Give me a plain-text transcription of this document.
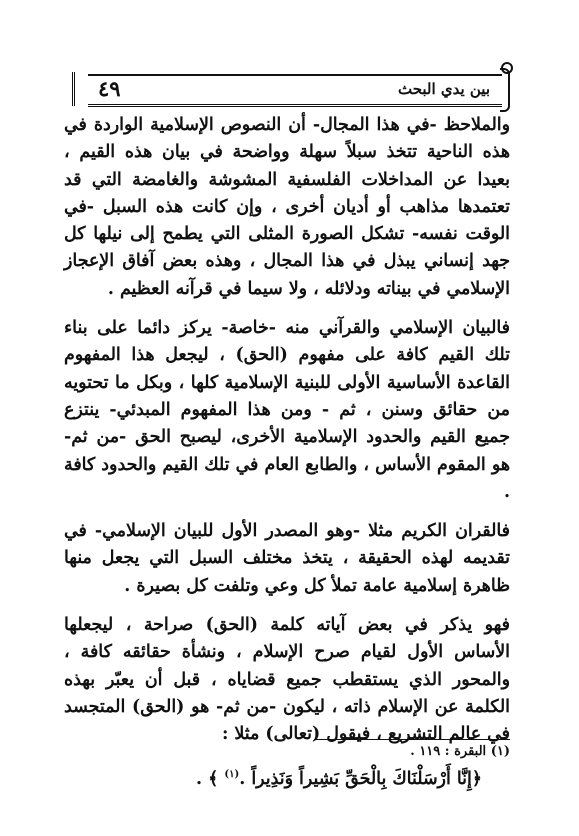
بين يدي البحث
٤٩

والملاحظ -في هذا المجال- أن النصوص الإسلامية الواردة في هذه الناحية تتخذ سبلاً سهلة وواضحة في بيان هذه القيم ، بعيدا عن المداخلات الفلسفية المشوشة والغامضة التي قد تعتمدها مذاهب أو أديان أخرى ، وإن كانت هذه السبل -في الوقت نفسه- تشكل الصورة المثلى التي يطمح إلى نيلها كل جهد إنساني يبذل في هذا المجال ، وهذه بعض آفاق الإعجاز الإسلامي في بيناته ودلائله ، ولا سيما في قرآنه العظيم .

فالبيان الإسلامي والقرآني منه -خاصة- يركز دائما على بناء تلك القيم كافة على مفهوم (الحق) ، ليجعل هذا المفهوم القاعدة الأساسية الأولى للبنية الإسلامية كلها ، وبكل ما تحتويه من حقائق وسنن ، ثم - ومن هذا المفهوم المبدئي- ينتزع جميع القيم والحدود الإسلامية الأخرى، ليصبح الحق -من ثم- هو المقوم الأساس ، والطابع العام في تلك القيم والحدود كافة .

فالقران الكريم مثلا -وهو المصدر الأول للبيان الإسلامي- في تقديمه لهذه الحقيقة ، يتخذ مختلف السبل التي يجعل منها ظاهرة إسلامية عامة تملأ كل وعي وتلفت كل بصيرة .

فهو يذكر في بعض آياته كلمة (الحق) صراحة ، ليجعلها الأساس الأول لقيام صرح الإسلام ، ونشأة حقائقه كافة ، والمحور الذي يستقطب جميع قضاياه ، قبل أن يعبّر بهذه الكلمة عن الإسلام ذاته ، ليكون -من ثم- هو (الحق) المتجسد في عالم التشريع ، فيقول (تعالى) مثلا :

﴿إِنَّا أَرْسَلْنَاكَ بِالْحَقِّ بَشِيراً وَنَذِيراً .$^{(١)}$ ﴾ .
(١) البقرة : ١١٩ .
